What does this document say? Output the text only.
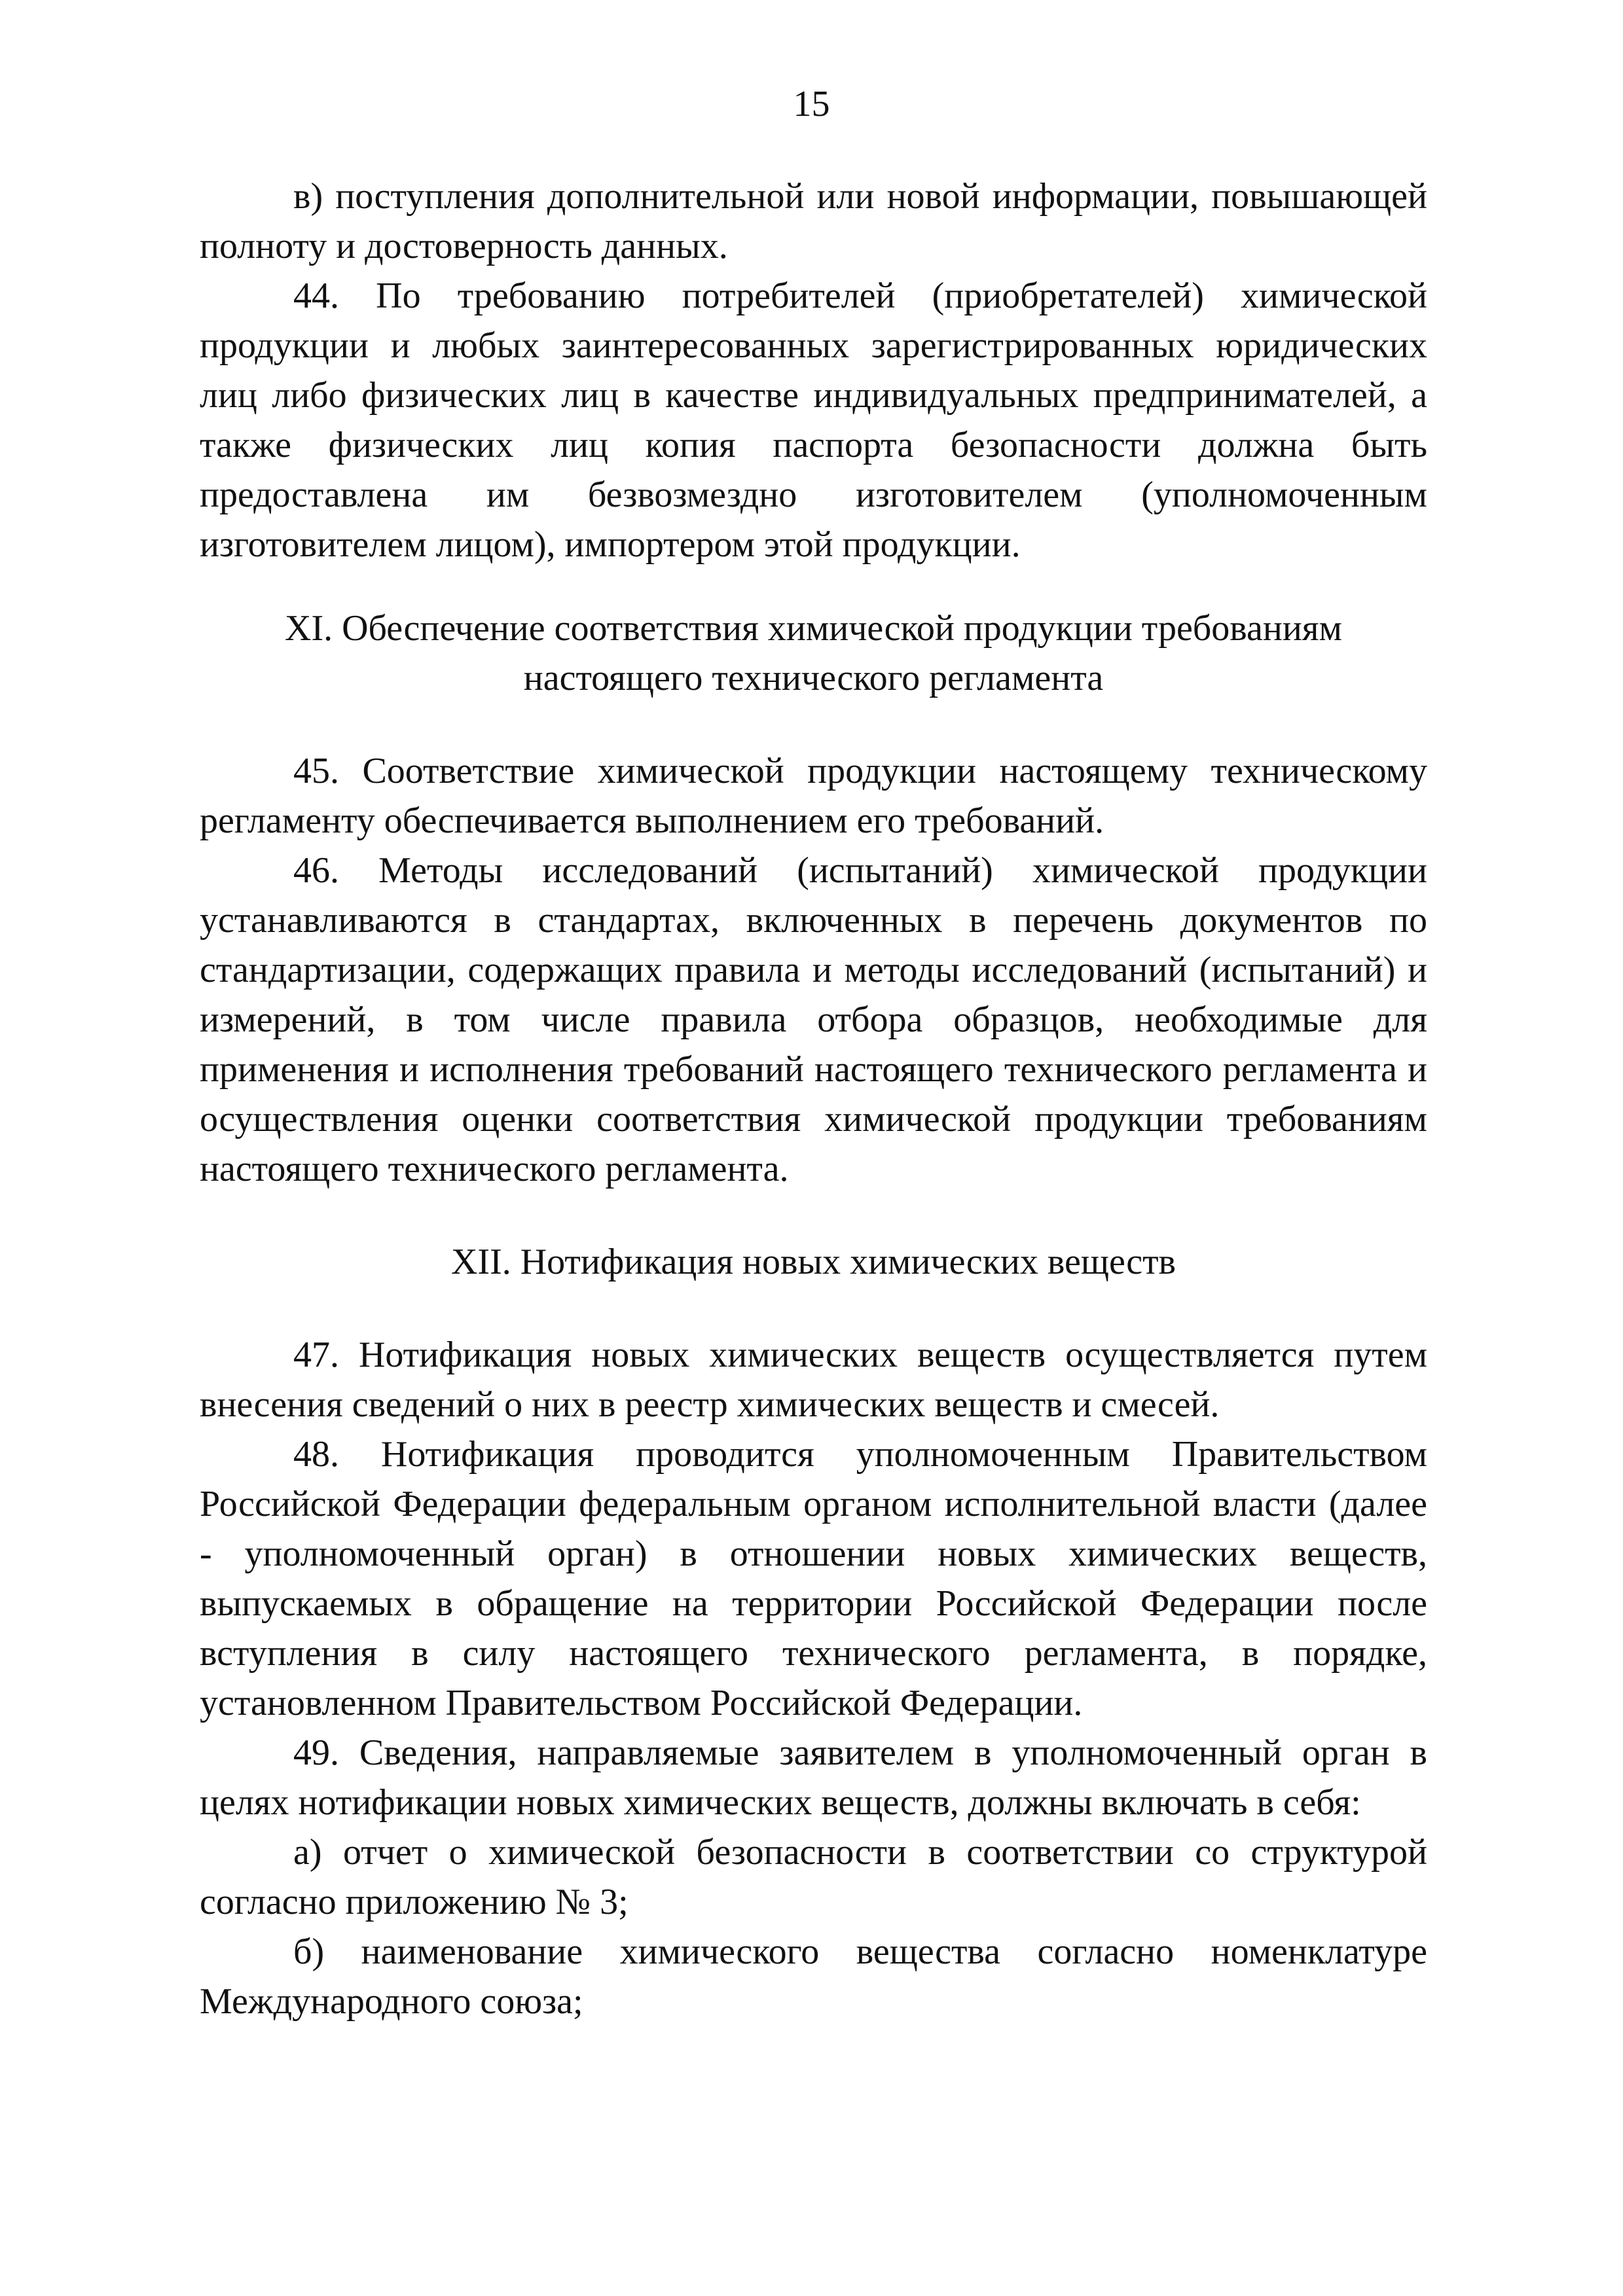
15

в) поступления дополнительной или новой информации, повышающей полноту и достоверность данных.

44. По требованию потребителей (приобретателей) химической продукции и любых заинтересованных зарегистрированных юридических лиц либо физических лиц в качестве индивидуальных предпринимателей, а также физических лиц копия паспорта безопасности должна быть предоставлена им безвозмездно изготовителем (уполномоченным изготовителем лицом), импортером этой продукции.

XI. Обеспечение соответствия химической продукции требованиям
настоящего технического регламента

45. Соответствие химической продукции настоящему техническому регламенту обеспечивается выполнением его требований.

46. Методы исследований (испытаний) химической продукции устанавливаются в стандартах, включенных в перечень документов по стандартизации, содержащих правила и методы исследований (испытаний) и измерений, в том числе правила отбора образцов, необходимые для применения и исполнения требований настоящего технического регламента и осуществления оценки соответствия химической продукции требованиям настоящего технического регламента.

XII. Нотификация новых химических веществ

47. Нотификация новых химических веществ осуществляется путем внесения сведений о них в реестр химических веществ и смесей.

48. Нотификация проводится уполномоченным Правительством Российской Федерации федеральным органом исполнительной власти (далее - уполномоченный орган) в отношении новых химических веществ, выпускаемых в обращение на территории Российской Федерации после вступления в силу настоящего технического регламента, в порядке, установленном Правительством Российской Федерации.

49. Сведения, направляемые заявителем в уполномоченный орган в целях нотификации новых химических веществ, должны включать в себя:

а) отчет о химической безопасности в соответствии со структурой согласно приложению № 3;

б) наименование химического вещества согласно номенклатуре Международного союза;
